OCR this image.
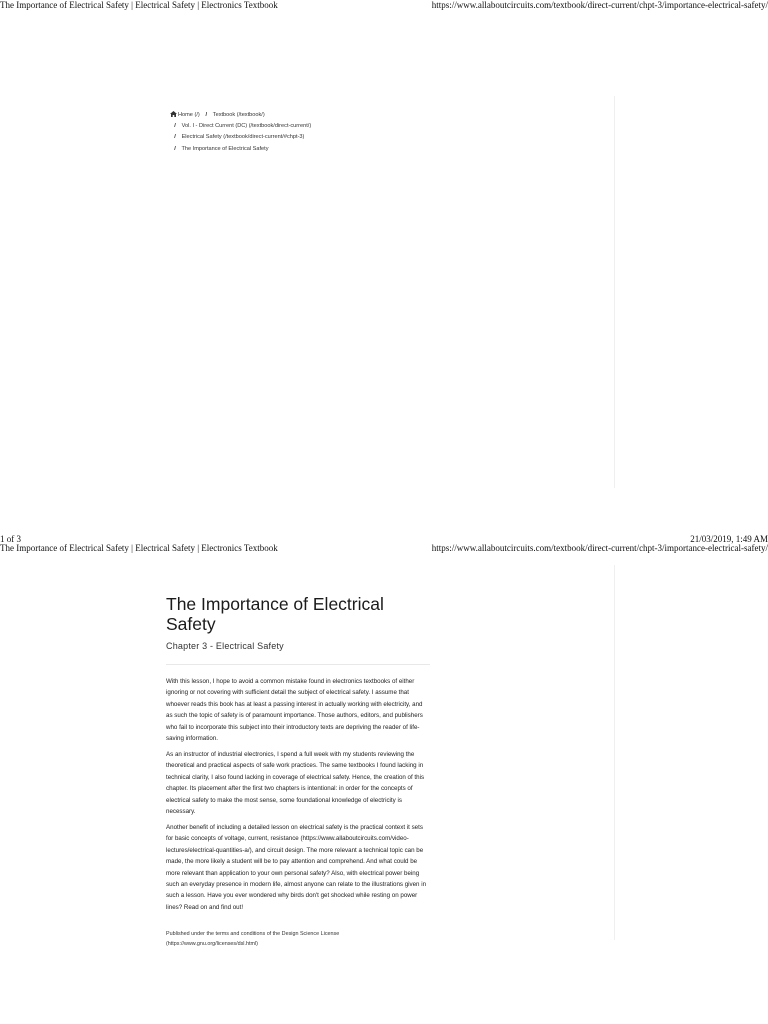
The Importance of Electrical Safety | Electrical Safety | Electronics Textbook	https://www.allaboutcircuits.com/textbook/direct-current/chpt-3/importance-electrical-safety/
Home (/) / Textbook (/textbook/)
/ Vol. I - Direct Current (DC) (/textbook/direct-current/)
/ Electrical Safety (/textbook/direct-current/#chpt-3)
/ The Importance of Electrical Safety
1 of 3	21/03/2019, 1:49 AM
The Importance of Electrical Safety | Electrical Safety | Electronics Textbook	https://www.allaboutcircuits.com/textbook/direct-current/chpt-3/importance-electrical-safety/
The Importance of Electrical Safety
Chapter 3 - Electrical Safety

With this lesson, I hope to avoid a common mistake found in electronics textbooks of either ignoring or not covering with sufficient detail the subject of electrical safety. I assume that whoever reads this book has at least a passing interest in actually working with electricity, and as such the topic of safety is of paramount importance. Those authors, editors, and publishers who fail to incorporate this subject into their introductory texts are depriving the reader of life-saving information.

As an instructor of industrial electronics, I spend a full week with my students reviewing the theoretical and practical aspects of safe work practices. The same textbooks I found lacking in technical clarity, I also found lacking in coverage of electrical safety. Hence, the creation of this chapter. Its placement after the first two chapters is intentional: in order for the concepts of electrical safety to make the most sense, some foundational knowledge of electricity is necessary.

Another benefit of including a detailed lesson on electrical safety is the practical context it sets for basic concepts of voltage, current, resistance (https://www.allaboutcircuits.com/video-lectures/electrical-quantities-a/), and circuit design. The more relevant a technical topic can be made, the more likely a student will be to pay attention and comprehend. And what could be more relevant than application to your own personal safety? Also, with electrical power being such an everyday presence in modern life, almost anyone can relate to the illustrations given in such a lesson. Have you ever wondered why birds don't get shocked while resting on power lines? Read on and find out!

Published under the terms and conditions of the Design Science License (https://www.gnu.org/licenses/dsl.html)
